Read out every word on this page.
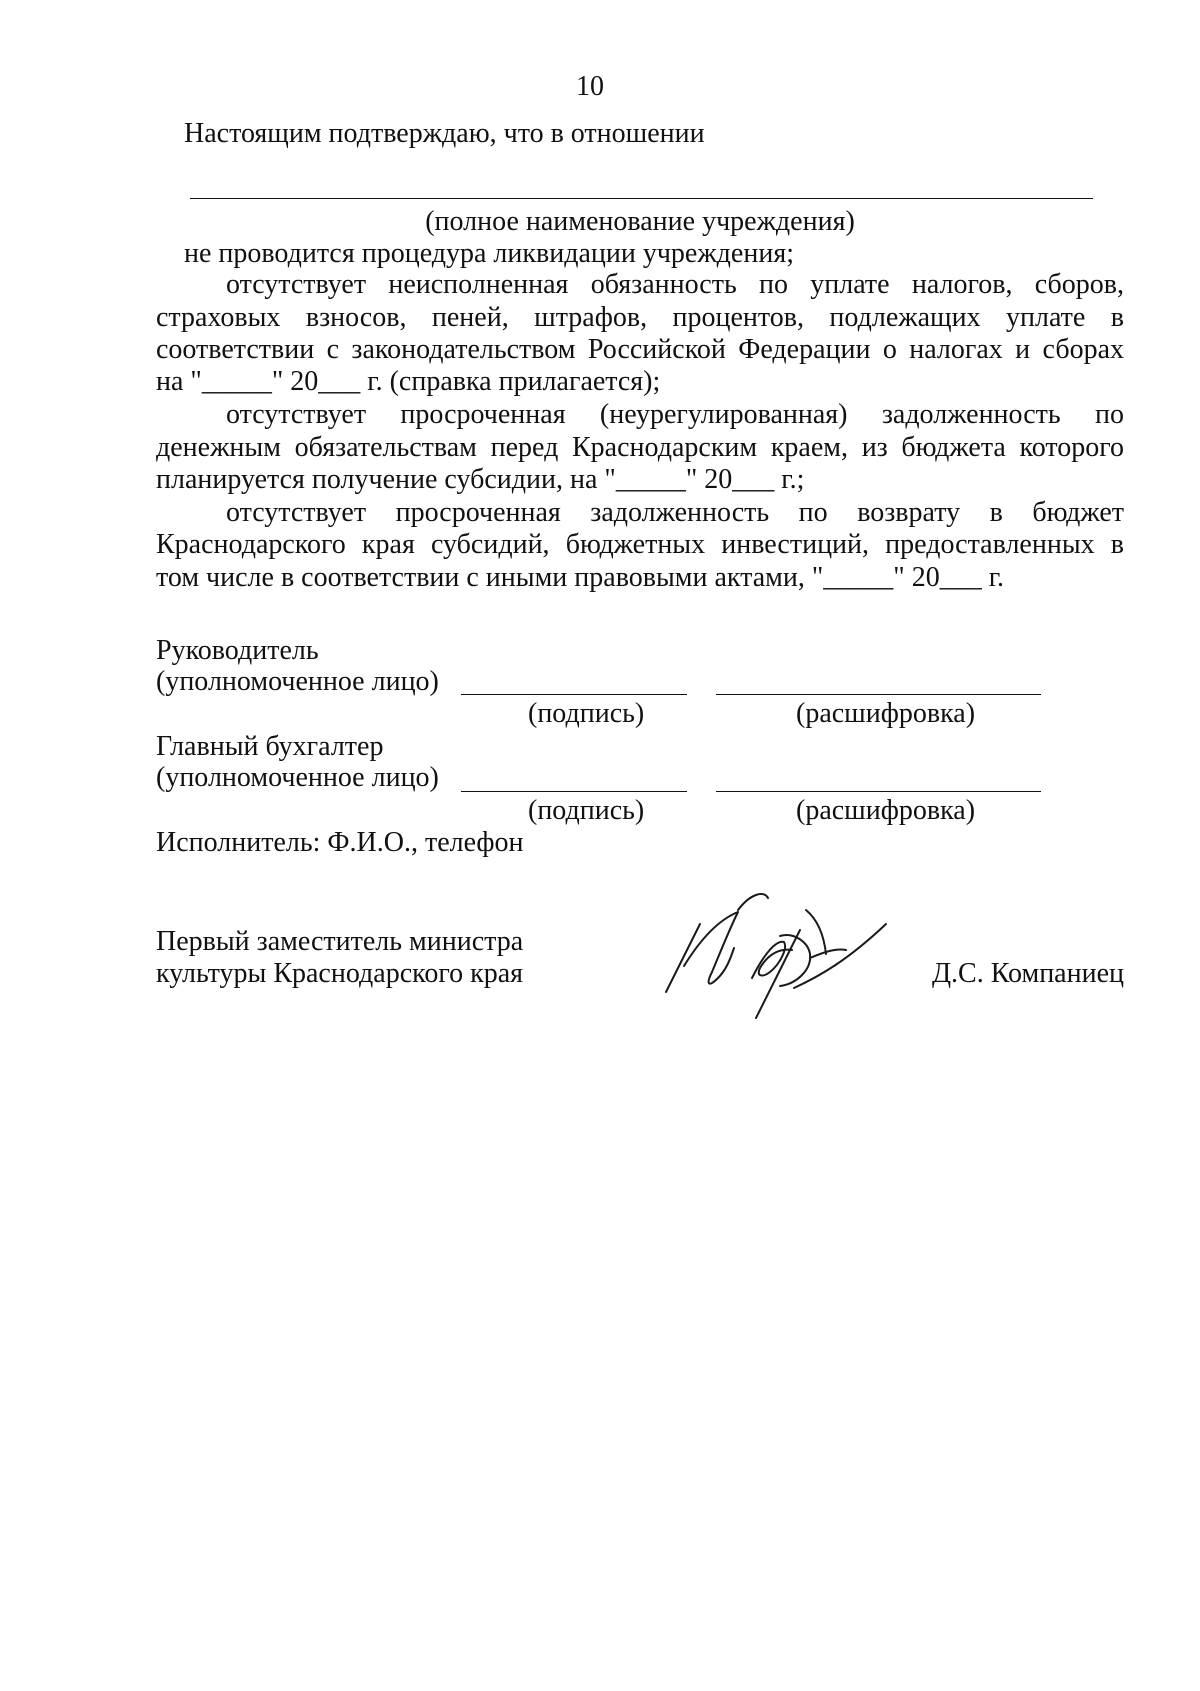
10
Настоящим подтверждаю, что в отношении
(полное наименование учреждения)
не проводится процедура ликвидации учреждения;
отсутствует неисполненная обязанность по уплате налогов, сборов,
страховых взносов, пеней, штрафов, процентов, подлежащих уплате в
соответствии с законодательством Российской Федерации о налогах и сборах
на "_____" 20___ г. (справка прилагается);
отсутствует просроченная (неурегулированная) задолженность по
денежным обязательствам перед Краснодарским краем, из бюджета которого
планируется получение субсидии, на "_____" 20___ г.;
отсутствует просроченная задолженность по возврату в бюджет
Краснодарского края субсидий, бюджетных инвестиций, предоставленных в
том числе в соответствии с иными правовыми актами, "_____" 20___ г.
Руководитель
(уполномоченное лицо)
(подпись)	(расшифровка)
Главный бухгалтер
(уполномоченное лицо)
(подпись)	(расшифровка)
Исполнитель: Ф.И.О., телефон
Первый заместитель министра
культуры Краснодарского края	Д.С. Компаниец
